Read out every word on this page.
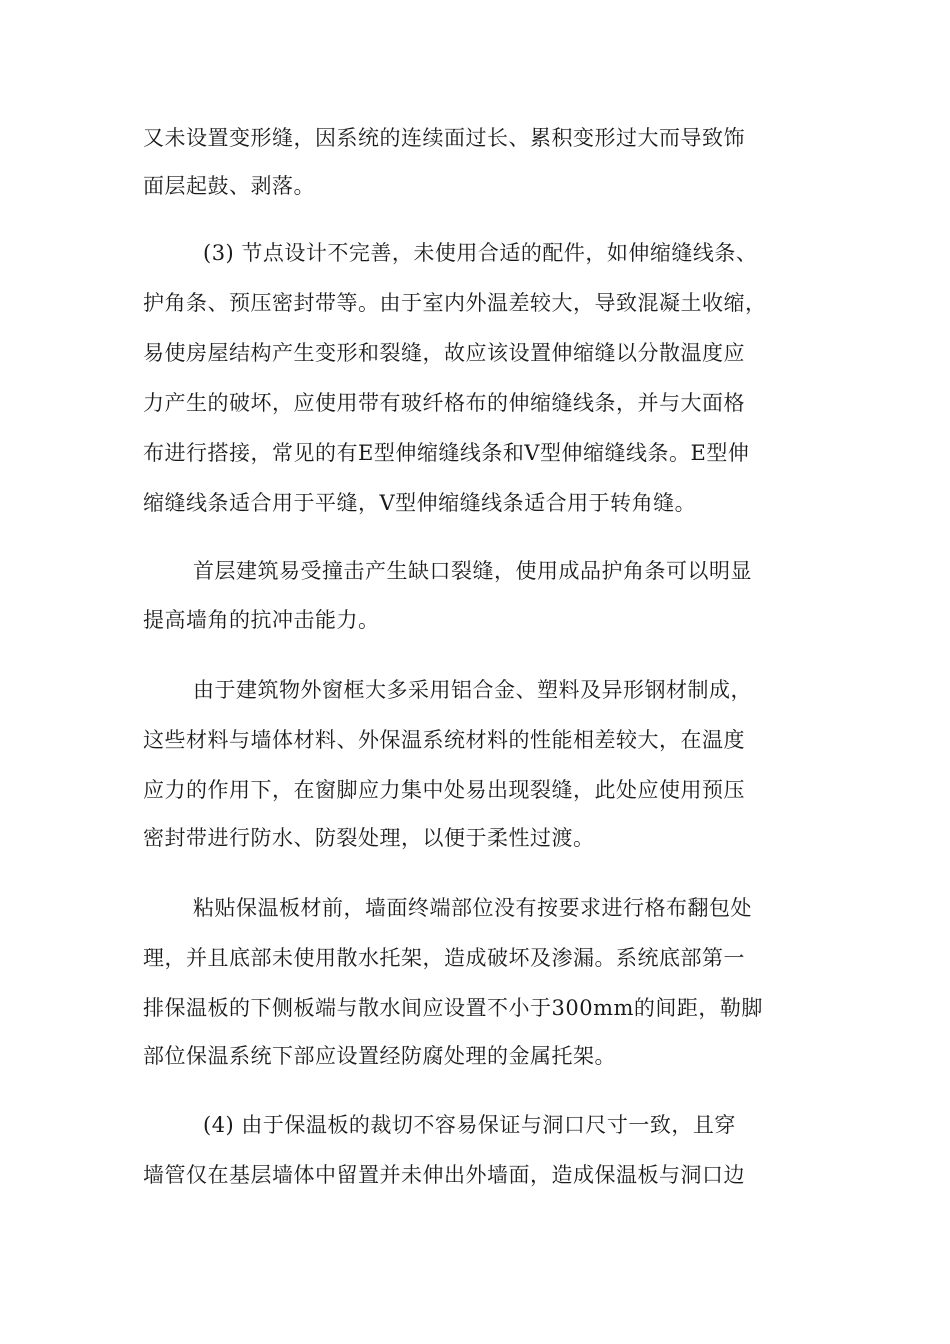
又未设置变形缝，因系统的连续面过长、累积变形过大而导致饰
面层起鼓、剥落。
(3) 节点设计不完善，未使用合适的配件，如伸缩缝线条、
护角条、预压密封带等。由于室内外温差较大，导致混凝土收缩，
易使房屋结构产生变形和裂缝，故应该设置伸缩缝以分散温度应
力产生的破坏，应使用带有玻纤格布的伸缩缝线条，并与大面格
布进行搭接，常见的有E型伸缩缝线条和V型伸缩缝线条。E型伸
缩缝线条适合用于平缝，V型伸缩缝线条适合用于转角缝。
首层建筑易受撞击产生缺口裂缝，使用成品护角条可以明显
提高墙角的抗冲击能力。
由于建筑物外窗框大多采用铝合金、塑料及异形钢材制成，
这些材料与墙体材料、外保温系统材料的性能相差较大，在温度
应力的作用下，在窗脚应力集中处易出现裂缝，此处应使用预压
密封带进行防水、防裂处理，以便于柔性过渡。
粘贴保温板材前，墙面终端部位没有按要求进行格布翻包处
理，并且底部未使用散水托架，造成破坏及渗漏。系统底部第一
排保温板的下侧板端与散水间应设置不小于300mm的间距，勒脚
部位保温系统下部应设置经防腐处理的金属托架。
(4) 由于保温板的裁切不容易保证与洞口尺寸一致，且穿
墙管仅在基层墙体中留置并未伸出外墙面，造成保温板与洞口边
